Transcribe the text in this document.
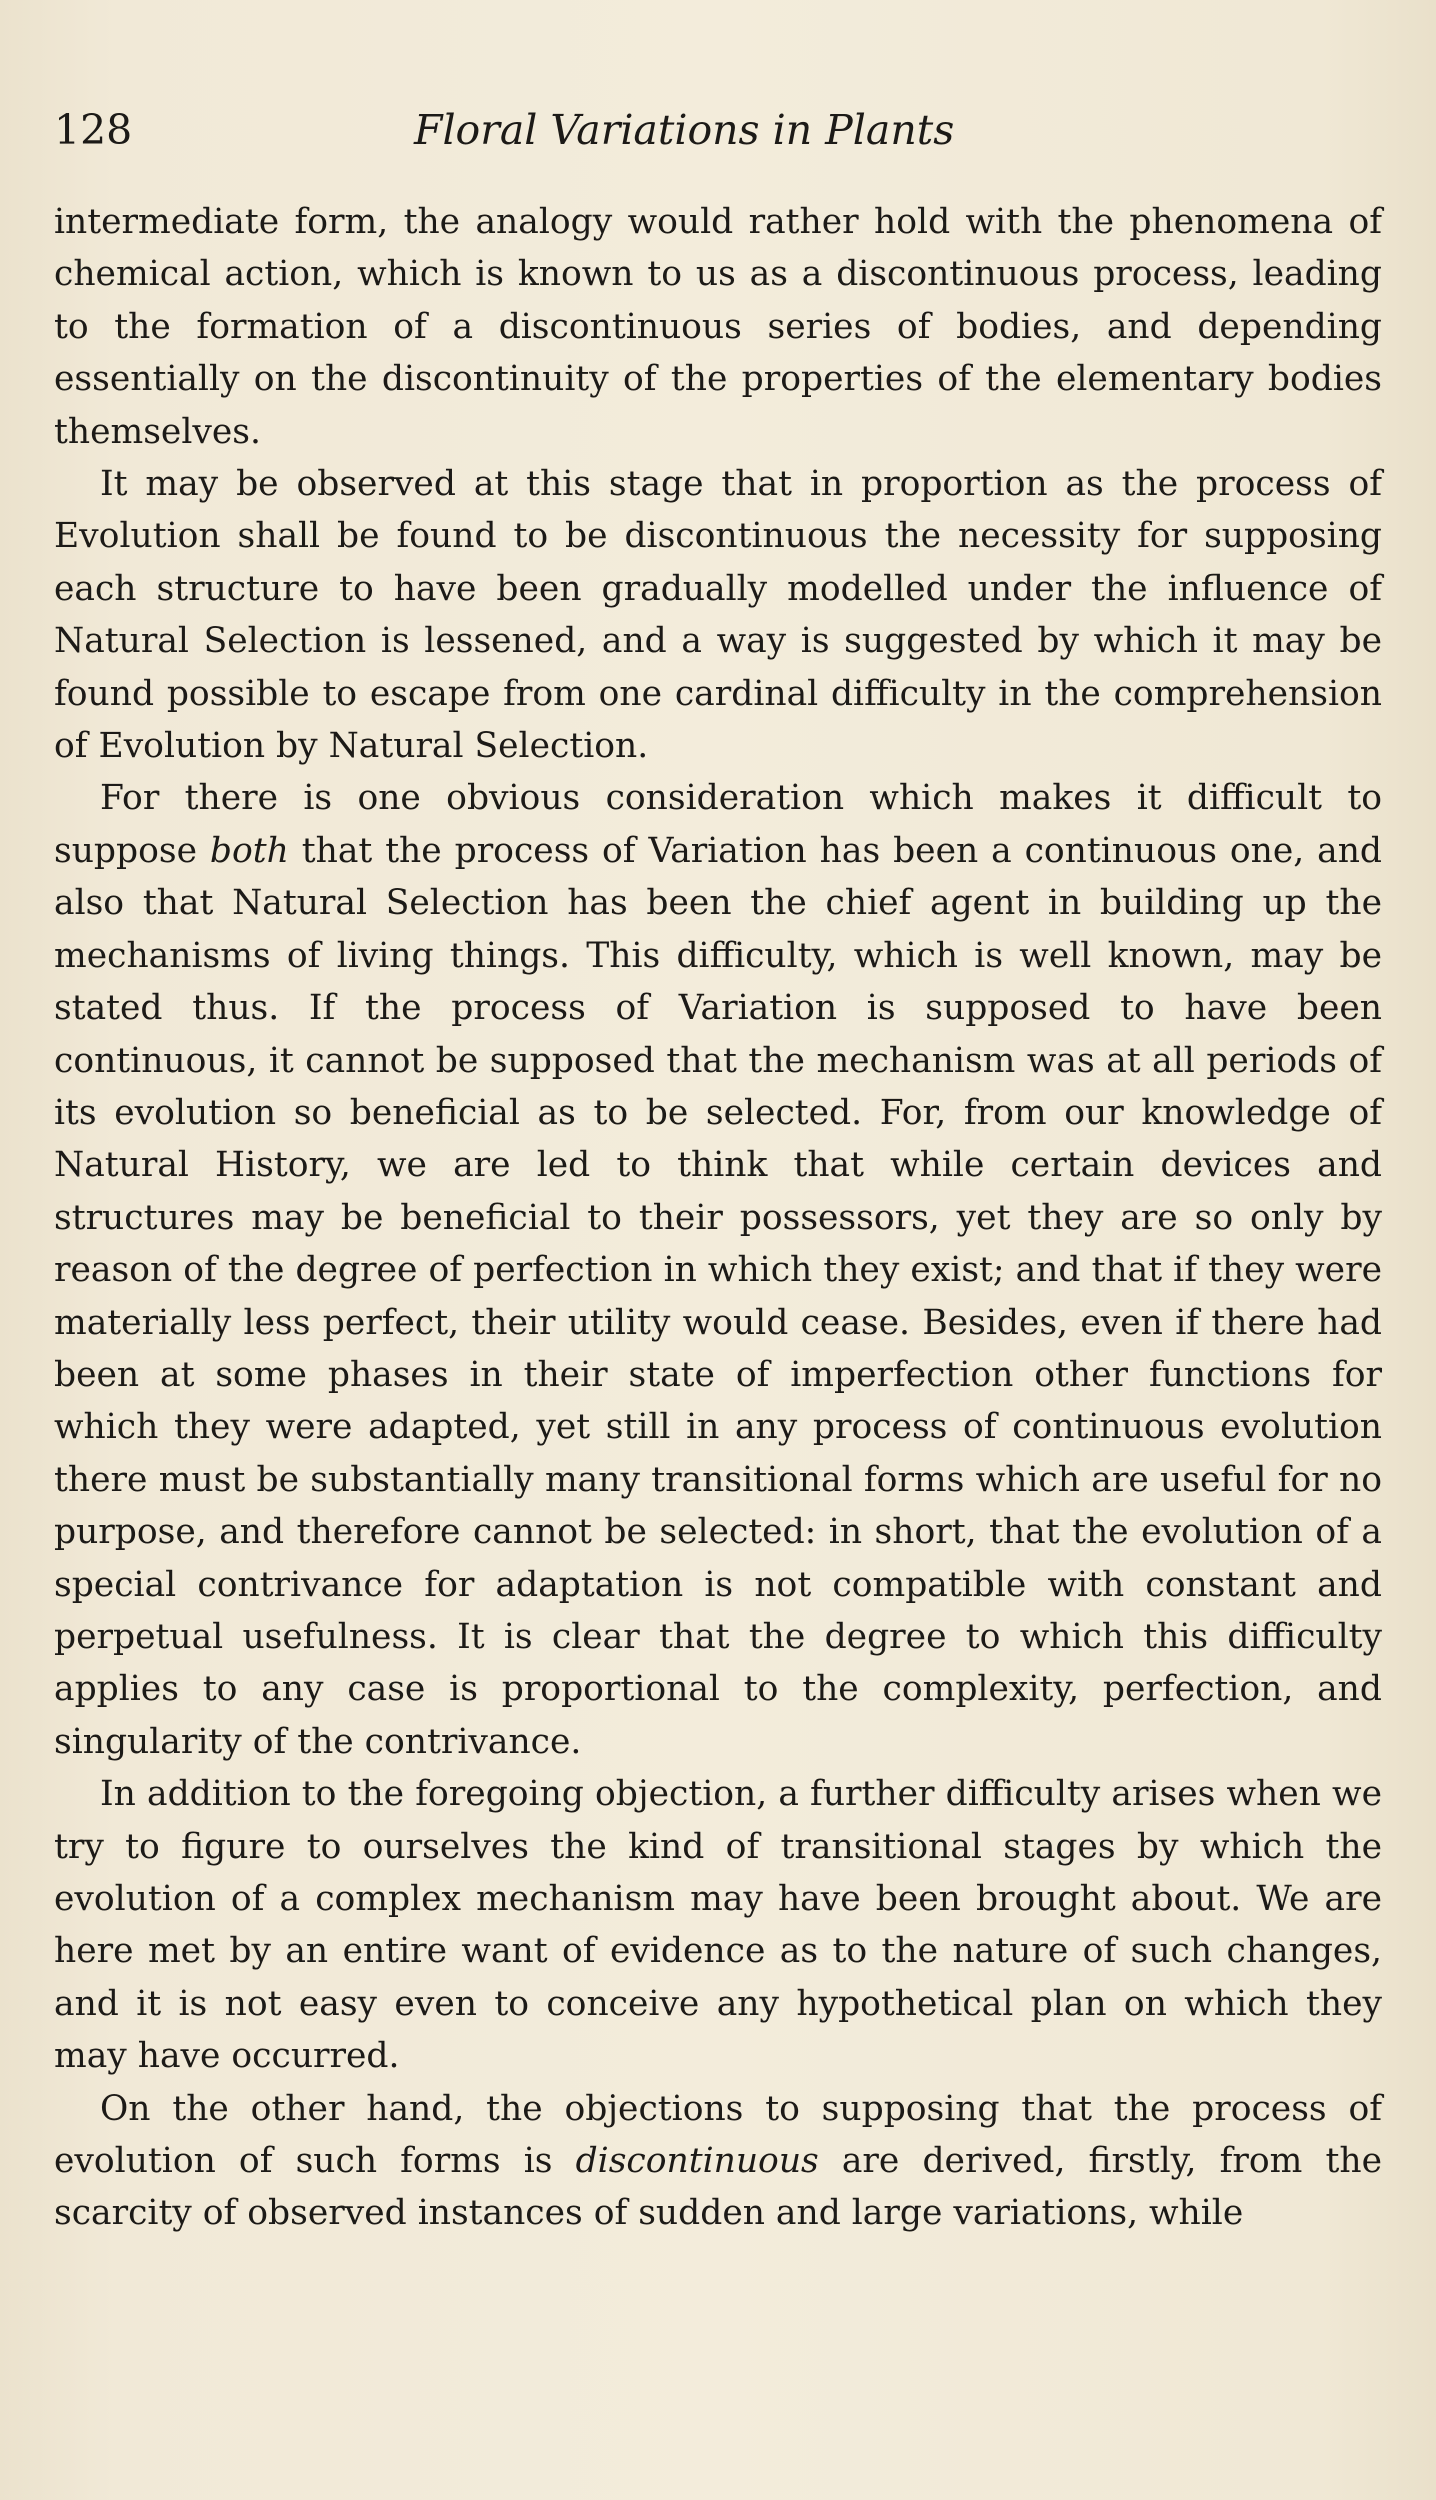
128	Floral Variations in Plants

intermediate form, the analogy would rather hold with the phenomena of chemical action, which is known to us as a discontinuous process, leading to the formation of a discontinuous series of bodies, and depending essentially on the discontinuity of the properties of the elementary bodies themselves.

It may be observed at this stage that in proportion as the process of Evolution shall be found to be discontinuous the necessity for supposing each structure to have been gradually modelled under the influence of Natural Selection is lessened, and a way is suggested by which it may be found possible to escape from one cardinal difficulty in the comprehension of Evolution by Natural Selection.

For there is one obvious consideration which makes it difficult to suppose both that the process of Variation has been a continuous one, and also that Natural Selection has been the chief agent in building up the mechanisms of living things. This difficulty, which is well known, may be stated thus. If the process of Variation is supposed to have been continuous, it cannot be supposed that the mechanism was at all periods of its evolution so beneficial as to be selected. For, from our knowledge of Natural History, we are led to think that while certain devices and structures may be beneficial to their possessors, yet they are so only by reason of the degree of perfection in which they exist; and that if they were materially less perfect, their utility would cease. Besides, even if there had been at some phases in their state of imperfection other functions for which they were adapted, yet still in any process of continuous evolution there must be substantially many transitional forms which are useful for no purpose, and therefore cannot be selected: in short, that the evolution of a special contrivance for adaptation is not compatible with constant and perpetual usefulness. It is clear that the degree to which this difficulty applies to any case is proportional to the complexity, perfection, and singularity of the contrivance.

In addition to the foregoing objection, a further difficulty arises when we try to figure to ourselves the kind of transitional stages by which the evolution of a complex mechanism may have been brought about. We are here met by an entire want of evidence as to the nature of such changes, and it is not easy even to conceive any hypothetical plan on which they may have occurred.

On the other hand, the objections to supposing that the process of evolution of such forms is discontinuous are derived, firstly, from the scarcity of observed instances of sudden and large variations, while
